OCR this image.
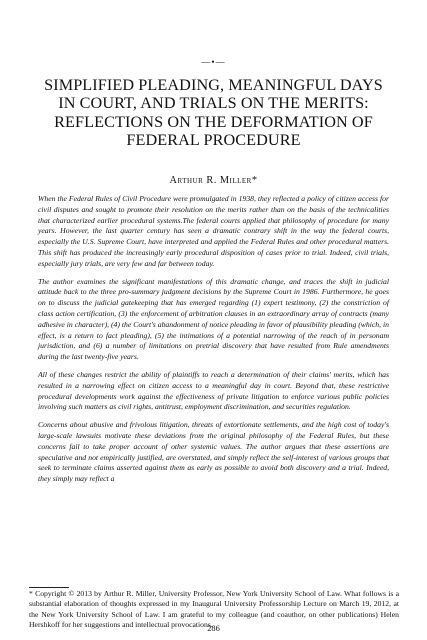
—•—
SIMPLIFIED PLEADING, MEANINGFUL DAYS IN COURT, AND TRIALS ON THE MERITS: REFLECTIONS ON THE DEFORMATION OF FEDERAL PROCEDURE
Arthur R. Miller*

When the Federal Rules of Civil Procedure were promulgated in 1938, they reflected a policy of citizen access for civil disputes and sought to promote their resolution on the merits rather than on the basis of the technicalities that characterized earlier procedural systems.The federal courts applied that philosophy of procedure for many years. However, the last quarter century has seen a dramatic contrary shift in the way the federal courts, especially the U.S. Supreme Court, have interpreted and applied the Federal Rules and other procedural matters. This shift has produced the increasingly early procedural disposition of cases prior to trial. Indeed, civil trials, especially jury trials, are very few and far between today.

The author examines the significant manifestations of this dramatic change, and traces the shift in judicial attitude back to the three pro-summary judgment decisions by the Supreme Court in 1986. Furthermore, he goes on to discuss the judicial gatekeeping that has emerged regarding (1) expert testimony, (2) the constriction of class action certification, (3) the enforcement of arbitration clauses in an extraordinary array of contracts (many adhesive in character), (4) the Court's abandonment of notice pleading in favor of plausibility pleading (which, in effect, is a return to fact pleading), (5) the intimations of a potential narrowing of the reach of in personam jurisdiction, and (6) a number of limitations on pretrial discovery that have resulted from Rule amendments during the last twenty-five years.

All of these changes restrict the ability of plaintiffs to reach a determination of their claims' merits, which has resulted in a narrowing effect on citizen access to a meaningful day in court. Beyond that, these restrictive procedural developments work against the effectiveness of private litigation to enforce various public policies involving such matters as civil rights, antitrust, employment discrimination, and securities regulation.

Concerns about abusive and frivolous litigation, threats of extortionate settlements, and the high cost of today's large-scale lawsuits motivate these deviations from the original philosophy of the Federal Rules, but these concerns fail to take proper account of other systemic values. The author argues that these assertions are speculative and not empirically justified, are overstated, and simply reflect the self-interest of various groups that seek to terminate claims asserted against them as early as possible to avoid both discovery and a trial. Indeed, they simply may reflect a

* Copyright © 2013 by Arthur R. Miller, University Professor, New York University School of Law. What follows is a substantial elaboration of thoughts expressed in my Inaugural University Professorship Lecture on March 19, 2012, at the New York University School of Law. I am grateful to my colleague (and coauthor, on other publications) Helen Hershkoff for her suggestions and intellectual provocations.

286
